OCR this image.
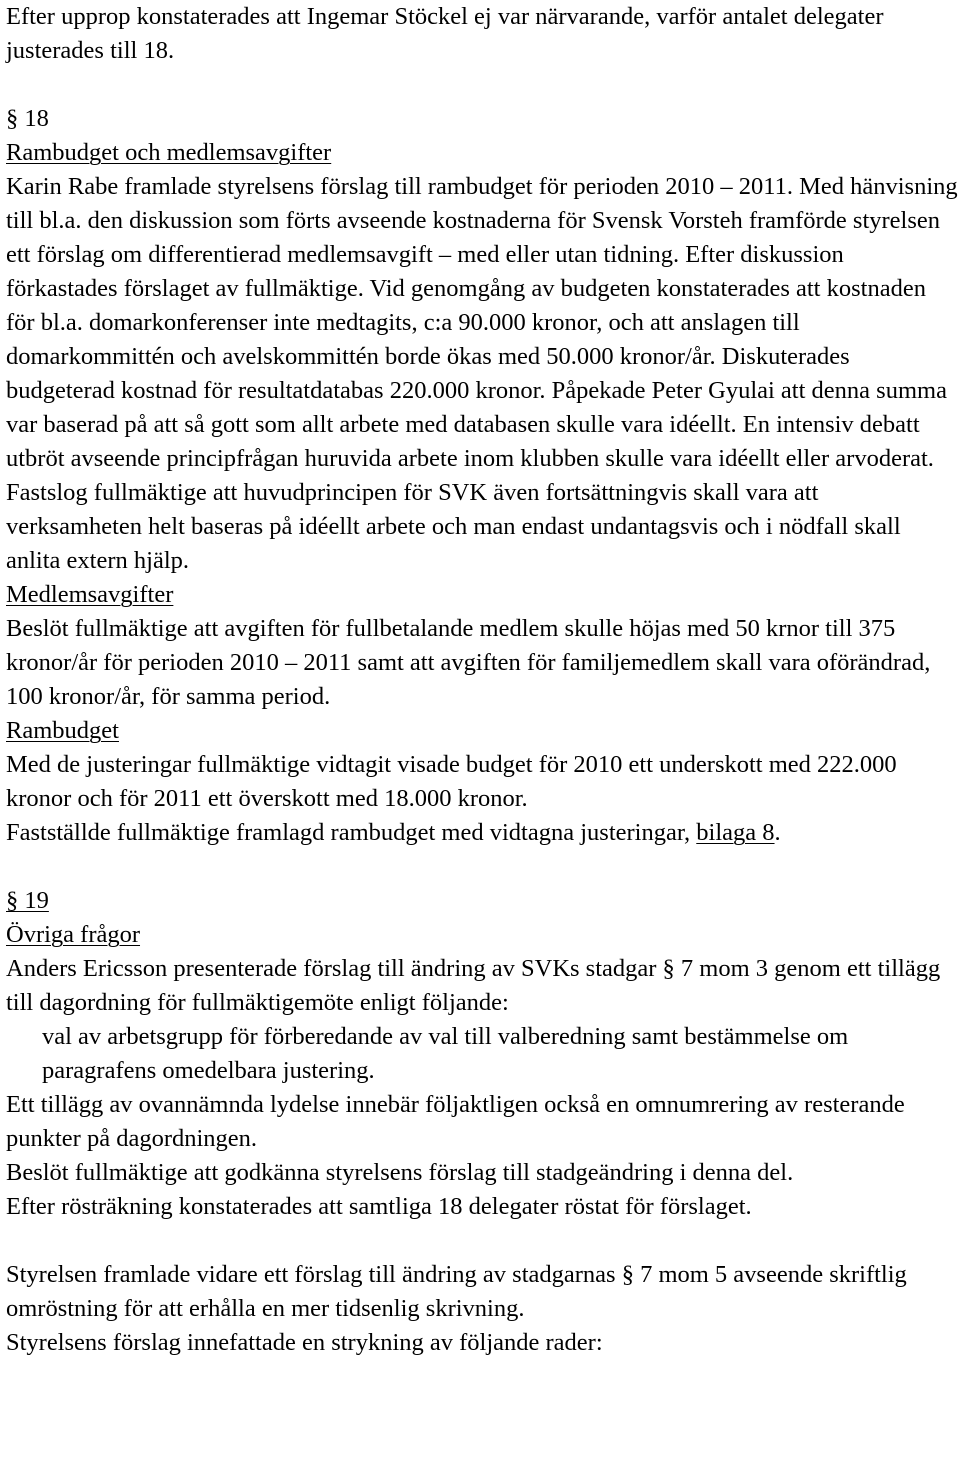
Efter upprop konstaterades att Ingemar Stöckel ej var närvarande, varför antalet delegater justerades till 18.

§ 18

Rambudget och medlemsavgifter

Karin Rabe framlade styrelsens förslag till rambudget för perioden 2010 – 2011. Med hänvisning till bl.a. den diskussion som förts avseende kostnaderna för Svensk Vorsteh framförde styrelsen ett förslag om differentierad medlemsavgift – med eller utan tidning. Efter diskussion förkastades förslaget av fullmäktige. Vid genomgång av budgeten konstaterades att kostnaden för bl.a. domarkonferenser inte medtagits, c:a 90.000 kronor, och att anslagen till domarkommittén och avelskommittén borde ökas med 50.000 kronor/år. Diskuterades budgeterad kostnad för resultatdatabas 220.000 kronor. Påpekade Peter Gyulai att denna summa var baserad på att så gott som allt arbete med databasen skulle vara idéellt. En intensiv debatt utbröt avseende principfrågan huruvida arbete inom klubben skulle vara idéellt eller arvoderat. Fastslog fullmäktige att huvudprincipen för SVK även fortsättningvis skall vara att verksamheten helt baseras på idéellt arbete och man endast undantagsvis och i nödfall skall anlita extern hjälp.

Medlemsavgifter

Beslöt fullmäktige att avgiften för fullbetalande medlem skulle höjas med 50 krnor till 375 kronor/år för perioden 2010 – 2011 samt att avgiften för familjemedlem skall vara oförändrad, 100 kronor/år, för samma period.

Rambudget

Med de justeringar fullmäktige vidtagit visade budget för 2010 ett underskott med 222.000 kronor och för 2011 ett överskott med 18.000 kronor.

Fastställde fullmäktige framlagd rambudget med vidtagna justeringar, bilaga 8.

§ 19

Övriga frågor

Anders Ericsson presenterade förslag till ändring av SVKs stadgar § 7 mom 3 genom ett tillägg till dagordning för fullmäktigemöte enligt följande:

val av arbetsgrupp för förberedande av val till valberedning samt bestämmelse om paragrafens omedelbara justering.

Ett tillägg av ovannämnda lydelse innebär följaktligen också en omnumrering av resterande punkter på dagordningen.

Beslöt fullmäktige att godkänna styrelsens förslag till stadgeändring i denna del.

Efter rösträkning konstaterades att samtliga 18 delegater röstat för förslaget.

Styrelsen framlade vidare ett förslag till ändring av stadgarnas § 7 mom 5 avseende skriftlig omröstning för att erhålla en mer tidsenlig skrivning.

Styrelsens förslag innefattade en strykning av följande rader:
